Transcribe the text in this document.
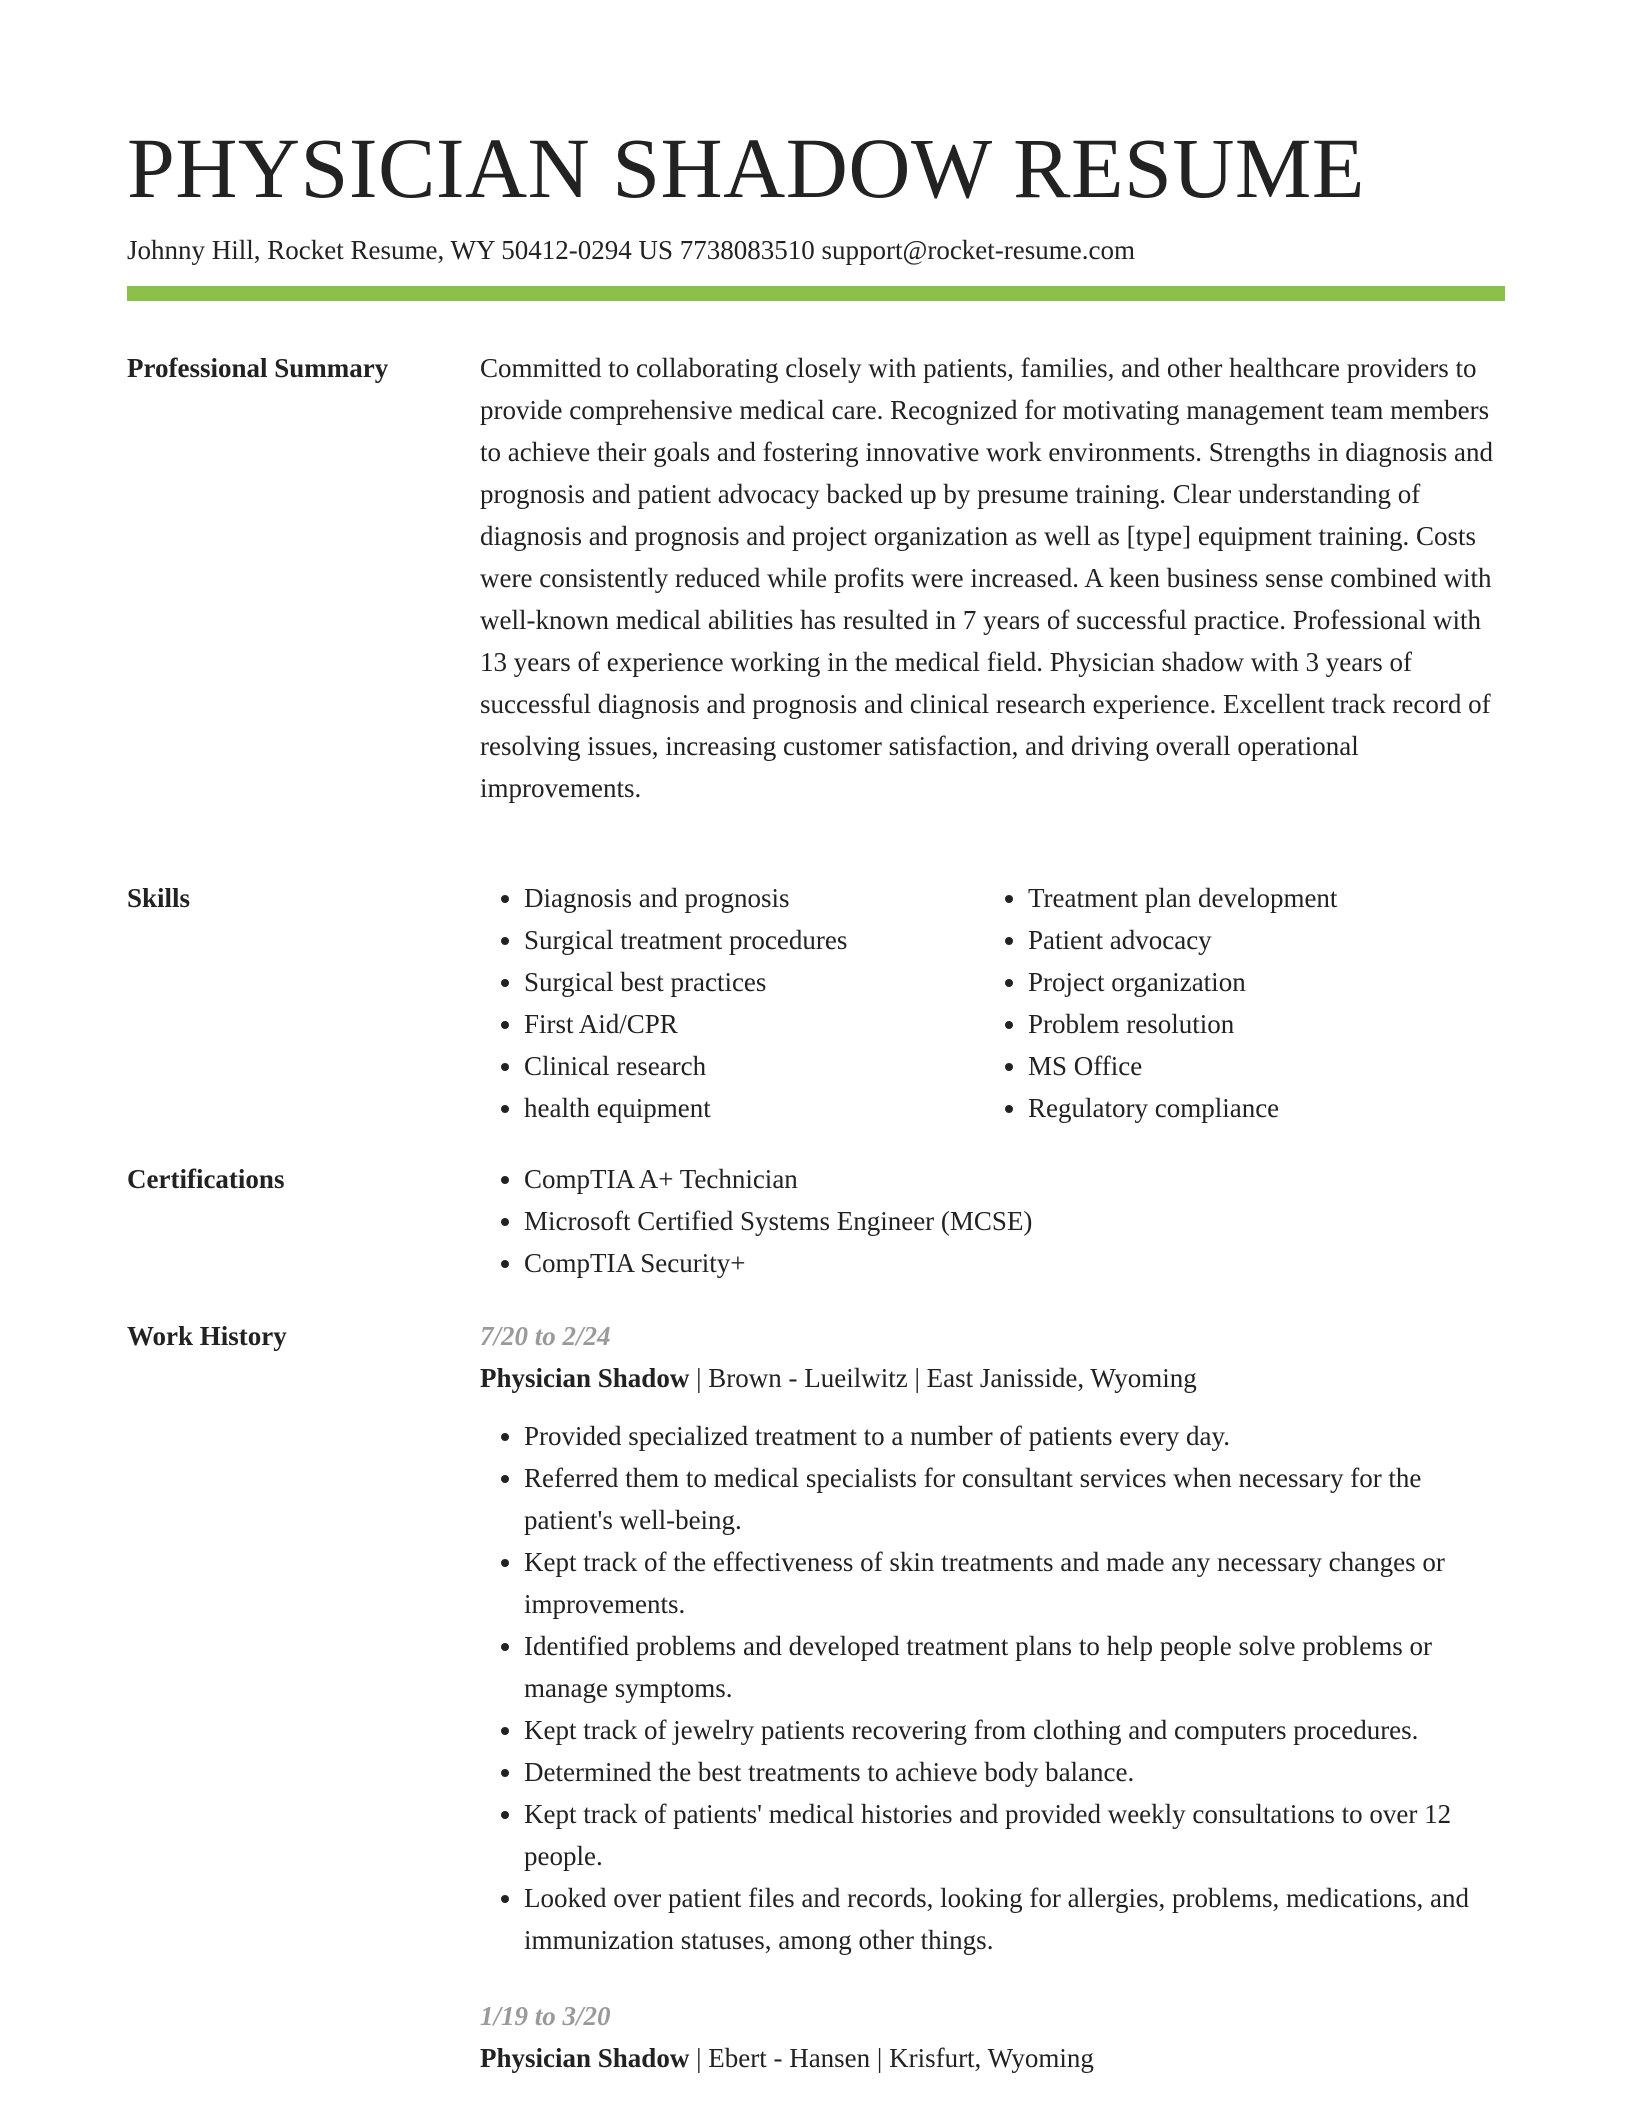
PHYSICIAN SHADOW RESUME
Johnny Hill, Rocket Resume, WY 50412-0294 US 7738083510 support@rocket-resume.com
Professional Summary	Committed to collaborating closely with patients, families, and other healthcare providers to provide comprehensive medical care. Recognized for motivating management team members to achieve their goals and fostering innovative work environments. Strengths in diagnosis and prognosis and patient advocacy backed up by presume training. Clear understanding of diagnosis and prognosis and project organization as well as [type] equipment training. Costs were consistently reduced while profits were increased. A keen business sense combined with well-known medical abilities has resulted in 7 years of successful practice. Professional with 13 years of experience working in the medical field. Physician shadow with 3 years of successful diagnosis and prognosis and clinical research experience. Excellent track record of resolving issues, increasing customer satisfaction, and driving overall operational improvements.

Skills	• Diagnosis and prognosis
• Surgical treatment procedures
• Surgical best practices
• First Aid/CPR
• Clinical research
• health equipment
• Treatment plan development
• Patient advocacy
• Project organization
• Problem resolution
• MS Office
• Regulatory compliance
Certifications	• CompTIA A+ Technician
• Microsoft Certified Systems Engineer (MCSE)
• CompTIA Security+
Work History	7/20 to 2/24
Physician Shadow | Brown - Lueilwitz | East Janisside, Wyoming
• Provided specialized treatment to a number of patients every day.
• Referred them to medical specialists for consultant services when necessary for the patient's well-being.
• Kept track of the effectiveness of skin treatments and made any necessary changes or improvements.
• Identified problems and developed treatment plans to help people solve problems or manage symptoms.
• Kept track of jewelry patients recovering from clothing and computers procedures.
• Determined the best treatments to achieve body balance.
• Kept track of patients' medical histories and provided weekly consultations to over 12 people.
• Looked over patient files and records, looking for allergies, problems, medications, and immunization statuses, among other things.
1/19 to 3/20
Physician Shadow | Ebert - Hansen | Krisfurt, Wyoming
